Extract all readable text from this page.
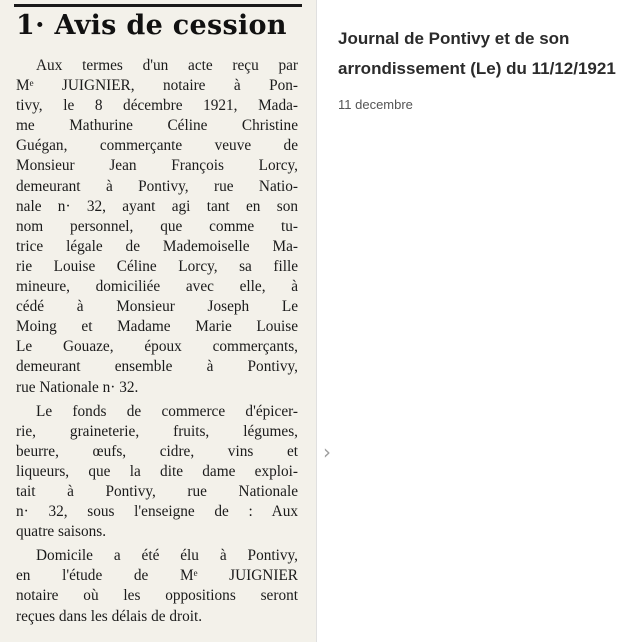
1· Avis de cession
Aux termes d'un acte reçu par
Mᵉ JUIGNIER, notaire à Pon-
tivy, le 8 décembre 1921, Mada-
me Mathurine Céline Christine
Guégan, commerçante veuve de
Monsieur Jean François Lorcy,
demeurant à Pontivy, rue Natio-
nale n· 32, ayant agi tant en son
nom personnel, que comme tu-
trice légale de Mademoiselle Ma-
rie Louise Céline Lorcy, sa fille
mineure, domiciliée avec elle, à
cédé à Monsieur Joseph Le
Moing et Madame Marie Louise
Le Gouaze, époux commerçants,
demeurant ensemble à Pontivy,
rue Nationale n· 32.
Le fonds de commerce d'épicer-
rie, graineterie, fruits, légumes,
beurre, œufs, cidre, vins et
liqueurs, que la dite dame exploi-
tait à Pontivy, rue Nationale
n· 32, sous l'enseigne de : Aux
quatre saisons.
Domicile a été élu à Pontivy,
en l'étude de Mᵉ JUIGNIER
notaire où les oppositions seront
reçues dans les délais de droit.
›
Journal de Pontivy et de son arrondissement (Le) du 11/12/1921
11 decembre
